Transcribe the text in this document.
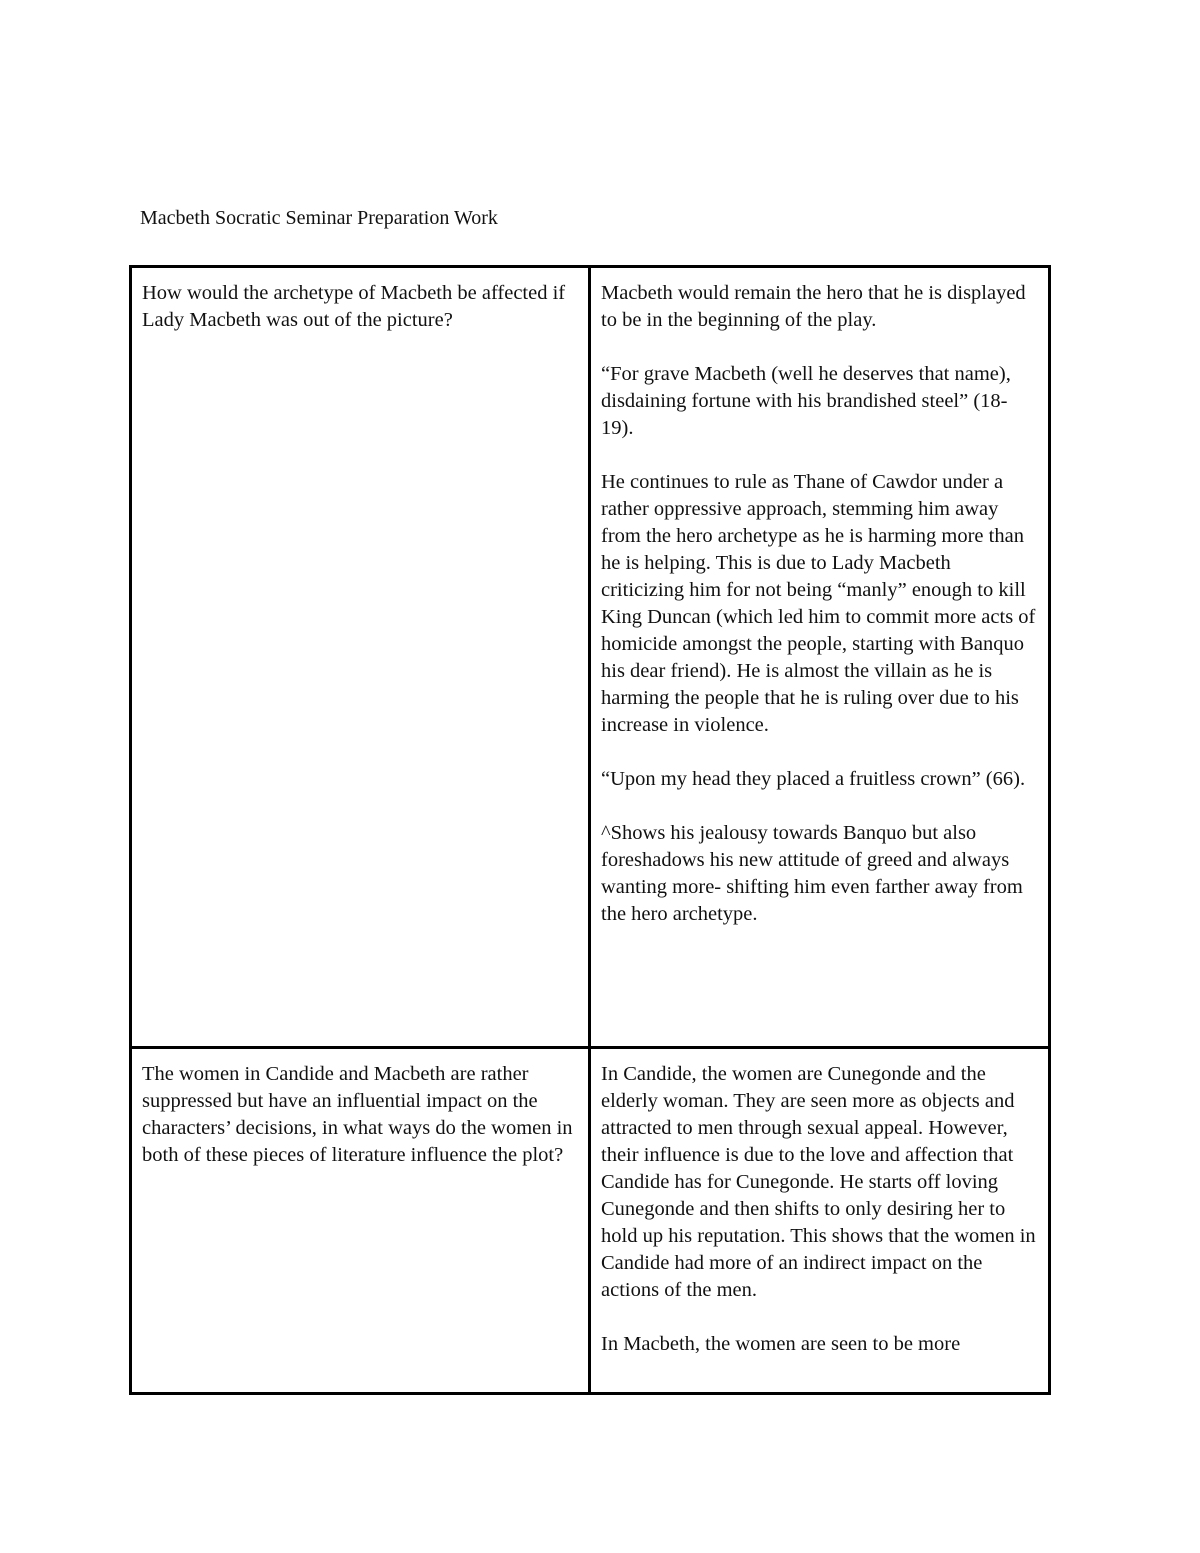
Macbeth Socratic Seminar Preparation Work

How would the archetype of Macbeth be affected if Lady Macbeth was out of the picture?	Macbeth would remain the hero that he is displayed to be in the beginning of the play.

“For grave Macbeth (well he deserves that name), disdaining fortune with his brandished steel” (18-19).

He continues to rule as Thane of Cawdor under a rather oppressive approach, stemming him away from the hero archetype as he is harming more than he is helping. This is due to Lady Macbeth criticizing him for not being “manly” enough to kill King Duncan (which led him to commit more acts of homicide amongst the people, starting with Banquo his dear friend). He is almost the villain as he is harming the people that he is ruling over due to his increase in violence.

“Upon my head they placed a fruitless crown” (66).

^Shows his jealousy towards Banquo but also foreshadows his new attitude of greed and always wanting more- shifting him even farther away from the hero archetype.

The women in Candide and Macbeth are rather suppressed but have an influential impact on the characters’ decisions, in what ways do the women in both of these pieces of literature influence the plot?	In Candide, the women are Cunegonde and the elderly woman. They are seen more as objects and attracted to men through sexual appeal. However, their influence is due to the love and affection that Candide has for Cunegonde. He starts off loving Cunegonde and then shifts to only desiring her to hold up his reputation. This shows that the women in Candide had more of an indirect impact on the actions of the men.

In Macbeth, the women are seen to be more
